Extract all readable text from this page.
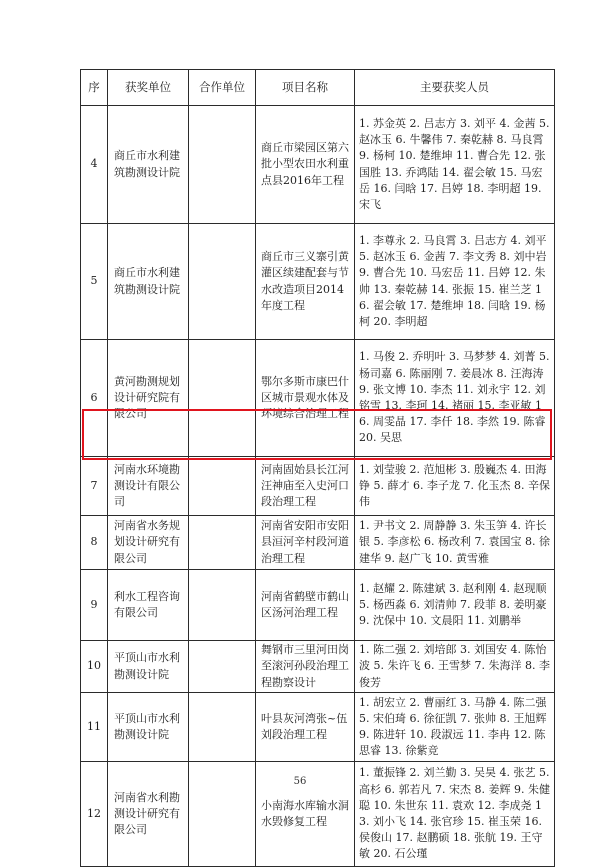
序	获奖单位	合作单位	项目名称	主要获奖人员
4	商丘市水利建筑勘测设计院		商丘市梁园区第六批小型农田水利重点县2016年工程	1. 苏金英 2. 吕志方 3. 刘平 4. 金茜 5. 赵冰玉 6. 牛馨伟 7. 秦乾赫 8. 马良霄 9. 杨柯 10. 楚维坤 11. 曹合先 12. 张国胜 13. 乔鸿陆 14. 翟会敏 15. 马宏岳 16. 闫晗 17. 吕婷 18. 李明超 19. 宋飞
5	商丘市水利建筑勘测设计院		商丘市三义寨引黄灌区续建配套与节水改造项目2014年度工程	1. 李尊永 2. 马良霄 3. 吕志方 4. 刘平 5. 赵冰玉 6. 金茜 7. 李文秀 8. 刘中岩 9. 曹合先 10. 马宏岳 11. 吕婷 12. 朱帅 13. 秦乾赫 14. 张振 15. 崔兰芝 16. 翟会敏 17. 楚维坤 18. 闫晗 19. 杨柯 20. 李明超
6	黄河勘测规划设计研究院有限公司		鄂尔多斯市康巴什区城市景观水体及环境综合治理工程	1. 马俊 2. 乔明叶 3. 马梦梦 4. 刘菁 5. 杨司嘉 6. 陈丽刚 7. 姜晨冰 8. 汪海涛 9. 张文博 10. 李杰 11. 刘永宇 12. 刘铭雪 13. 李珂 14. 褚丽 15. 李亚敏 16. 周雯晶 17. 李仟 18. 李然 19. 陈睿 20. 吴思
7	河南水环境勘测设计有限公司		河南固始县长江河汪神庙至入史河口段治理工程	1. 刘莹骏 2. 范旭彬 3. 殷巍杰 4. 田海铮 5. 薛才 6. 李子龙 7. 化玉杰 8. 辛保伟
8	河南省水务规划设计研究有限公司		河南省安阳市安阳县洹河辛村段河道治理工程	1. 尹书文 2. 周静静 3. 朱玉笋 4. 许长银 5. 李彦松 6. 杨改利 7. 袁国宝 8. 徐建华 9. 赵广飞 10. 黄雪雅
9	利水工程咨询有限公司		河南省鹤壁市鹤山区汤河治理工程	1. 赵耀 2. 陈建斌 3. 赵利刚 4. 赵现顺 5. 杨西淼 6. 刘清帅 7. 段菲 8. 姜明豪 9. 沈保中 10. 文晨阳 11. 刘鹏举
10	平顶山市水利勘测设计院		舞钢市三里河田岗至滚河孙段治理工程勘察设计	1. 陈二强 2. 刘培郎 3. 刘国安 4. 陈怡波 5. 朱许飞 6. 王雪梦 7. 朱海洋 8. 李俊芳
11	平顶山市水利勘测设计院		叶县灰河湾张~伍刘段治理工程	1. 胡宏立 2. 曹丽红 3. 马静 4. 陈二强 5. 宋伯琦 6. 徐征凯 7. 张帅 8. 王旭辉 9. 陈进轩 10. 段淑远 11. 李冉 12. 陈思睿 13. 徐紫竞
12	河南省水利勘测设计研究有限公司		小南海水库输水洞水毁修复工程	1. 董振锋 2. 刘兰勤 3. 吴昊 4. 张艺 5. 高杉 6. 郭若凡 7. 宋杰 8. 姜辉 9. 朱健聪 10. 朱世东 11. 袁欢 12. 李成尧 13. 刘小飞 14. 张官珍 15. 崔玉荣 16. 侯俊山 17. 赵鹏硕 18. 张航 19. 王守敏 20. 石公瑾
56
